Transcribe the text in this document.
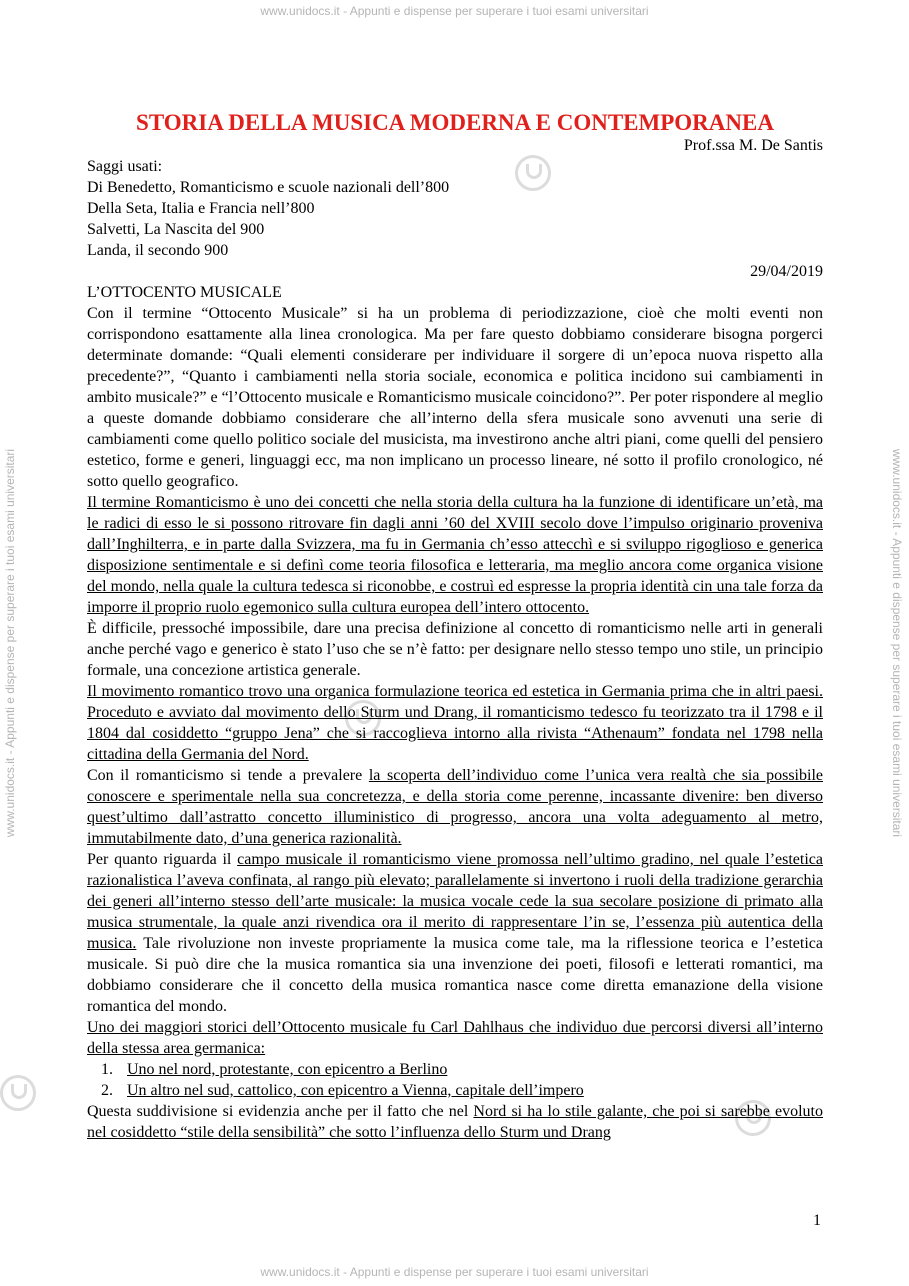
www.unidocs.it - Appunti e dispense per superare i tuoi esami universitari
www.unidocs.it - Appunti e dispense per superare i tuoi esami universitari
www.unidocs.it - Appunti e dispense per superare i tuoi esami universitari	www.unidocs.it - Appunti e dispense per superare i tuoi esami universitari
STORIA DELLA MUSICA MODERNA E CONTEMPORANEA
Prof.ssa M. De Santis
Saggi usati:
Di Benedetto, Romanticismo e scuole nazionali dell’800
Della Seta, Italia e Francia nell’800
Salvetti, La Nascita del 900
Landa, il secondo 900
29/04/2019
L’OTTOCENTO MUSICALE

Con il termine “Ottocento Musicale” si ha un problema di periodizzazione, cioè che molti eventi non corrispondono esattamente alla linea cronologica. Ma per fare questo dobbiamo considerare bisogna porgerci determinate domande: “Quali elementi considerare per individuare il sorgere di un’epoca nuova rispetto alla precedente?”, “Quanto i cambiamenti nella storia sociale, economica e politica incidono sui cambiamenti in ambito musicale?” e “l’Ottocento musicale e Romanticismo musicale coincidono?”. Per poter rispondere al meglio a queste domande dobbiamo considerare che all’interno della sfera musicale sono avvenuti una serie di cambiamenti come quello politico sociale del musicista, ma investirono anche altri piani, come quelli del pensiero estetico, forme e generi, linguaggi ecc, ma non implicano un processo lineare, né sotto il profilo cronologico, né sotto quello geografico.

Il termine Romanticismo è uno dei concetti che nella storia della cultura ha la funzione di identificare un’età, ma le radici di esso le si possono ritrovare fin dagli anni ’60 del XVIII secolo dove l’impulso originario proveniva dall’Inghilterra, e in parte dalla Svizzera, ma fu in Germania ch’esso attecchì e si sviluppo rigoglioso e generica disposizione sentimentale e si definì come teoria filosofica e letteraria, ma meglio ancora come organica visione del mondo, nella quale la cultura tedesca si riconobbe, e costruì ed espresse la propria identità cin una tale forza da imporre il proprio ruolo egemonico sulla cultura europea dell’intero ottocento.

È difficile, pressoché impossibile, dare una precisa definizione al concetto di romanticismo nelle arti in generali anche perché vago e generico è stato l’uso che se n’è fatto: per designare nello stesso tempo uno stile, un principio formale, una concezione artistica generale.

Il movimento romantico trovo una organica formulazione teorica ed estetica in Germania prima che in altri paesi. Proceduto e avviato dal movimento dello Sturm und Drang, il romanticismo tedesco fu teorizzato tra il 1798 e il 1804 dal cosiddetto “gruppo Jena” che si raccoglieva intorno alla rivista “Athenaum” fondata nel 1798 nella cittadina della Germania del Nord.

Con il romanticismo si tende a prevalere la scoperta dell’individuo come l’unica vera realtà che sia possibile conoscere e sperimentale nella sua concretezza, e della storia come perenne, incassante divenire: ben diverso quest’ultimo dall’astratto concetto illuministico di progresso, ancora una volta adeguamento al metro, immutabilmente dato, d’una generica razionalità.

Per quanto riguarda il campo musicale il romanticismo viene promossa nell’ultimo gradino, nel quale l’estetica razionalistica l’aveva confinata, al rango più elevato; parallelamente si invertono i ruoli della tradizione gerarchia dei generi all’interno stesso dell’arte musicale: la musica vocale cede la sua secolare posizione di primato alla musica strumentale, la quale anzi rivendica ora il merito di rappresentare l’in se, l’essenza più autentica della musica. Tale rivoluzione non investe propriamente la musica come tale, ma la riflessione teorica e l’estetica musicale. Si può dire che la musica romantica sia una invenzione dei poeti, filosofi e letterati romantici, ma dobbiamo considerare che il concetto della musica romantica nasce come diretta emanazione della visione romantica del mondo.

Uno dei maggiori storici dell’Ottocento musicale fu Carl Dahlhaus che individuo due percorsi diversi all’interno della stessa area germanica:

1. Uno nel nord, protestante, con epicentro a Berlino
2. Un altro nel sud, cattolico, con epicentro a Vienna, capitale dell’impero

Questa suddivisione si evidenzia anche per il fatto che nel Nord si ha lo stile galante, che poi si sarebbe evoluto nel cosiddetto “stile della sensibilità” che sotto l’influenza dello Sturm und Drang

1
